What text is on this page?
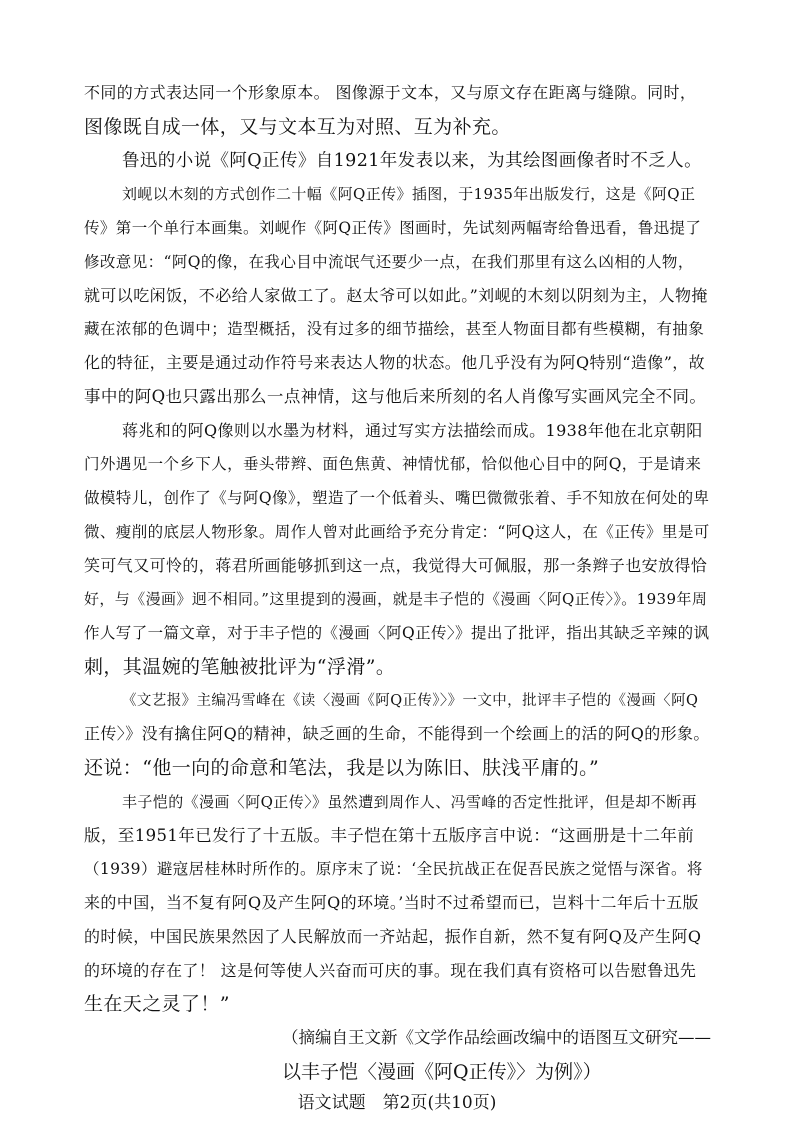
不同的方式表达同一个形象原本。 图像源于文本，又与原文存在距离与缝隙。同时，
图像既自成一体，又与文本互为对照、互为补充。
鲁迅的小说《阿Q正传》自1921年发表以来，为其绘图画像者时不乏人。
刘岘以木刻的方式创作二十幅《阿Q正传》插图，于1935年出版发行，这是《阿Q正
传》第一个单行本画集。刘岘作《阿Q正传》图画时，先试刻两幅寄给鲁迅看，鲁迅提了
修改意见：“阿Q的像，在我心目中流氓气还要少一点，在我们那里有这么凶相的人物，
就可以吃闲饭，不必给人家做工了。赵太爷可以如此。”刘岘的木刻以阴刻为主，人物掩
藏在浓郁的色调中；造型概括，没有过多的细节描绘，甚至人物面目都有些模糊，有抽象
化的特征，主要是通过动作符号来表达人物的状态。他几乎没有为阿Q特别“造像”，故
事中的阿Q也只露出那么一点神情，这与他后来所刻的名人肖像写实画风完全不同。
蒋兆和的阿Q像则以水墨为材料，通过写实方法描绘而成。1938年他在北京朝阳
门外遇见一个乡下人，垂头带辫、面色焦黄、神情忧郁，恰似他心目中的阿Q，于是请来
做模特儿，创作了《与阿Q像》，塑造了一个低着头、嘴巴微微张着、手不知放在何处的卑
微、瘦削的底层人物形象。周作人曾对此画给予充分肯定：“阿Q这人，在《正传》里是可
笑可气又可怜的，蒋君所画能够抓到这一点，我觉得大可佩服，那一条辫子也安放得恰
好，与《漫画》迥不相同。”这里提到的漫画，就是丰子恺的《漫画〈阿Q正传〉》。1939年周
作人写了一篇文章，对于丰子恺的《漫画〈阿Q正传〉》提出了批评，指出其缺乏辛辣的讽
刺，其温婉的笔触被批评为“浮滑”。
《文艺报》主编冯雪峰在《读〈漫画《阿Q正传》〉》一文中，批评丰子恺的《漫画〈阿Q
正传〉》没有擒住阿Q的精神，缺乏画的生命，不能得到一个绘画上的活的阿Q的形象。
还说：“他一向的命意和笔法，我是以为陈旧、肤浅平庸的。”
丰子恺的《漫画〈阿Q正传〉》虽然遭到周作人、冯雪峰的否定性批评，但是却不断再
版，至1951年已发行了十五版。丰子恺在第十五版序言中说：“这画册是十二年前
（1939）避寇居桂林时所作的。原序末了说：‘全民抗战正在促吾民族之觉悟与深省。将
来的中国，当不复有阿Q及产生阿Q的环境。’当时不过希望而已，岂料十二年后十五版
的时候，中国民族果然因了人民解放而一齐站起，振作自新，然不复有阿Q及产生阿Q
的环境的存在了！ 这是何等使人兴奋而可庆的事。现在我们真有资格可以告慰鲁迅先
生在天之灵了！”
（摘编自王文新《文学作品绘画改编中的语图互文研究——
以丰子恺〈漫画《阿Q正传》〉为例》）
语文试题　第2页(共10页)
